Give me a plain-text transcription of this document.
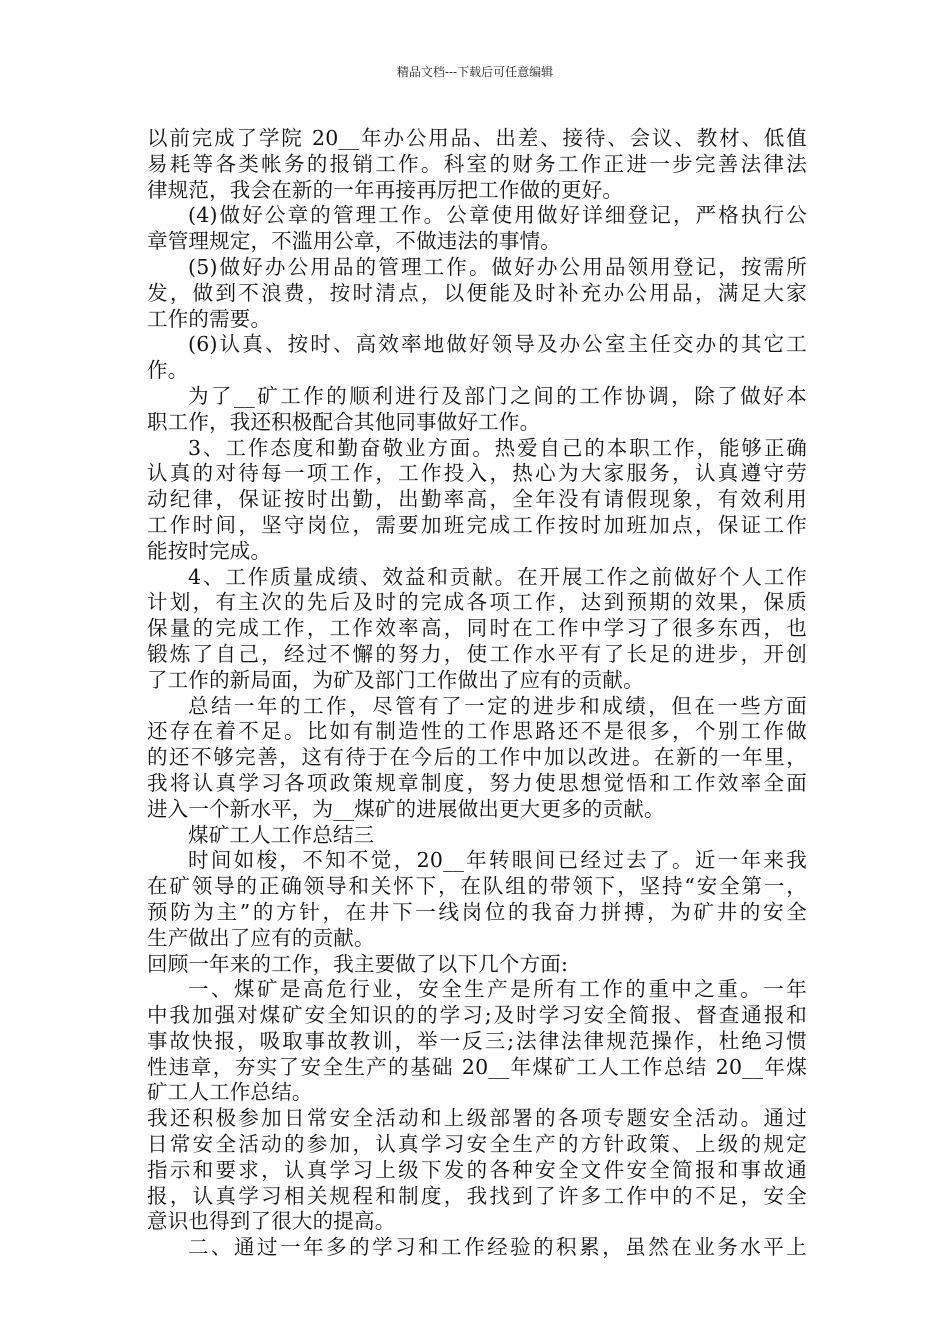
精品文档---下载后可任意编辑
以前完成了学院 20__年办公用品、出差、接待、会议、教材、低值
易耗等各类帐务的报销工作。科室的财务工作正进一步完善法律法
律规范，我会在新的一年再接再厉把工作做的更好。
(4)做好公章的管理工作。公章使用做好详细登记，严格执行公
章管理规定，不滥用公章，不做违法的事情。
(5)做好办公用品的管理工作。做好办公用品领用登记，按需所
发，做到不浪费，按时清点，以便能及时补充办公用品，满足大家
工作的需要。
(6)认真、按时、高效率地做好领导及办公室主任交办的其它工
作。
为了__矿工作的顺利进行及部门之间的工作协调，除了做好本
职工作，我还积极配合其他同事做好工作。
3、工作态度和勤奋敬业方面。热爱自己的本职工作，能够正确
认真的对待每一项工作，工作投入，热心为大家服务，认真遵守劳
动纪律，保证按时出勤，出勤率高，全年没有请假现象，有效利用
工作时间，坚守岗位，需要加班完成工作按时加班加点，保证工作
能按时完成。
4、工作质量成绩、效益和贡献。在开展工作之前做好个人工作
计划，有主次的先后及时的完成各项工作，达到预期的效果，保质
保量的完成工作，工作效率高，同时在工作中学习了很多东西，也
锻炼了自己，经过不懈的努力，使工作水平有了长足的进步，开创
了工作的新局面，为矿及部门工作做出了应有的贡献。
总结一年的工作，尽管有了一定的进步和成绩，但在一些方面
还存在着不足。比如有制造性的工作思路还不是很多，个别工作做
的还不够完善，这有待于在今后的工作中加以改进。在新的一年里，
我将认真学习各项政策规章制度，努力使思想觉悟和工作效率全面
进入一个新水平，为__煤矿的进展做出更大更多的贡献。
煤矿工人工作总结三
时间如梭，不知不觉，20__年转眼间已经过去了。近一年来我
在矿领导的正确领导和关怀下，在队组的带领下，坚持“安全第一，
预防为主”的方针，在井下一线岗位的我奋力拼搏，为矿井的安全
生产做出了应有的贡献。
回顾一年来的工作，我主要做了以下几个方面:
一、煤矿是高危行业，安全生产是所有工作的重中之重。一年
中我加强对煤矿安全知识的的学习;及时学习安全简报、督查通报和
事故快报，吸取事故教训，举一反三;法律法律规范操作，杜绝习惯
性违章，夯实了安全生产的基础 20__年煤矿工人工作总结 20__年煤
矿工人工作总结。
我还积极参加日常安全活动和上级部署的各项专题安全活动。通过
日常安全活动的参加，认真学习安全生产的方针政策、上级的规定
指示和要求，认真学习上级下发的各种安全文件安全简报和事故通
报，认真学习相关规程和制度，我找到了许多工作中的不足，安全
意识也得到了很大的提高。
二、通过一年多的学习和工作经验的积累，虽然在业务水平上
